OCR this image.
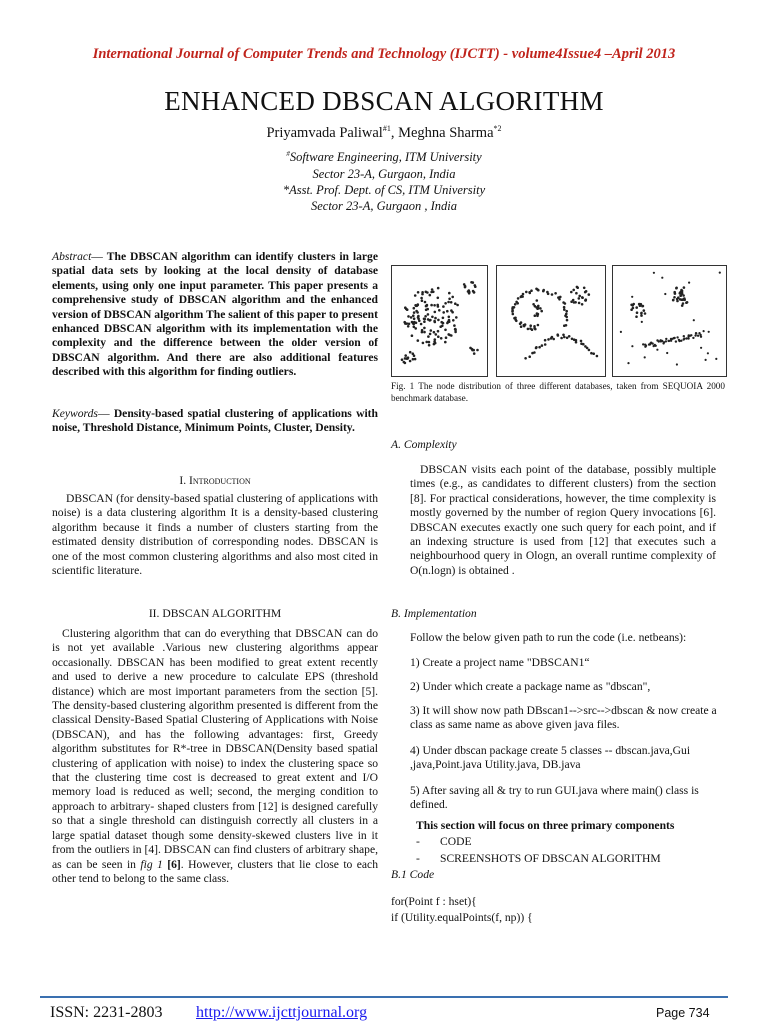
International Journal of Computer Trends and Technology (IJCTT) - volume4Issue4 –April 2013
ENHANCED DBSCAN ALGORITHM
Priyamvada Paliwal$^{\#1}$, Meghna Sharma$^{*2}$
#Software Engineering, ITM University
Sector 23-A, Gurgaon, India
*Asst. Prof. Dept. of CS, ITM University
Sector 23-A, Gurgaon , India
Abstract— The DBSCAN algorithm can identify clusters in large spatial data sets by looking at the local density of database elements, using only one input parameter. This paper presents a comprehensive study of DBSCAN algorithm and the enhanced version of DBSCAN algorithm The salient of this paper to present enhanced DBSCAN algorithm with its implementation with the complexity and the difference between the older version of DBSCAN algorithm. And there are also additional features described with this algorithm for finding outliers.
Keywords— Density-based spatial clustering of applications with noise, Threshold Distance, Minimum Points, Cluster, Density.
I. Introduction
DBSCAN (for density-based spatial clustering of applications with noise) is a data clustering algorithm It is a density-based clustering algorithm because it finds a number of clusters starting from the estimated density distribution of corresponding nodes. DBSCAN is one of the most common clustering algorithms and also most cited in scientific literature.
II. DBSCAN ALGORITHM
Clustering algorithm that can do everything that DBSCAN can do is not yet available .Various new clustering algorithms appear occasionally. DBSCAN has been modified to great extent recently and used to derive a new procedure to calculate EPS (threshold distance) which are most important parameters from the section [5]. The density-based clustering algorithm presented is different from the classical Density-Based Spatial Clustering of Applications with Noise (DBSCAN), and has the following advantages: first, Greedy algorithm substitutes for R*-tree in DBSCAN(Density based spatial clustering of application with noise) to index the clustering space so that the clustering time cost is decreased to great extent and I/O memory load is reduced as well; second, the merging condition to approach to arbitrary- shaped clusters from [12] is designed carefully so that a single threshold can distinguish correctly all clusters in a large spatial dataset though some density-skewed clusters live in it from the outliers in [4]. DBSCAN can find clusters of arbitrary shape, as can be seen in fig 1 [6]. However, clusters that lie close to each other tend to belong to the same class.
Fig. 1 The node distribution of three different databases, taken from SEQUOIA 2000 benchmark database.
A. Complexity
DBSCAN visits each point of the database, possibly multiple times (e.g., as candidates to different clusters) from the section [8]. For practical considerations, however, the time complexity is mostly governed by the number of region Query invocations [6]. DBSCAN executes exactly one such query for each point, and if an indexing structure is used from [12] that executes such a neighbourhood query in Ologn, an overall runtime complexity of O(n.logn) is obtained .
B. Implementation
Follow the below given path to run the code (i.e. netbeans):
1) Create a project name "DBSCAN1“
2) Under which create a package name as "dbscan",
3) It will show now path DBscan1-->src-->dbscan & now create a class as same name as above given java files.
4) Under dbscan package create 5 classes -- dbscan.java,Gui ,java,Point.java Utility.java, DB.java
5) After saving all & try to run GUI.java where main() class is defined.
This section will focus on three primary components
- CODE
- SCREENSHOTS OF DBSCAN ALGORITHM
B.1 Code
for(Point f : hset){
if (Utility.equalPoints(f, np)) {
ISSN: 2231-2803 http://www.ijcttjournal.org	Page 734
